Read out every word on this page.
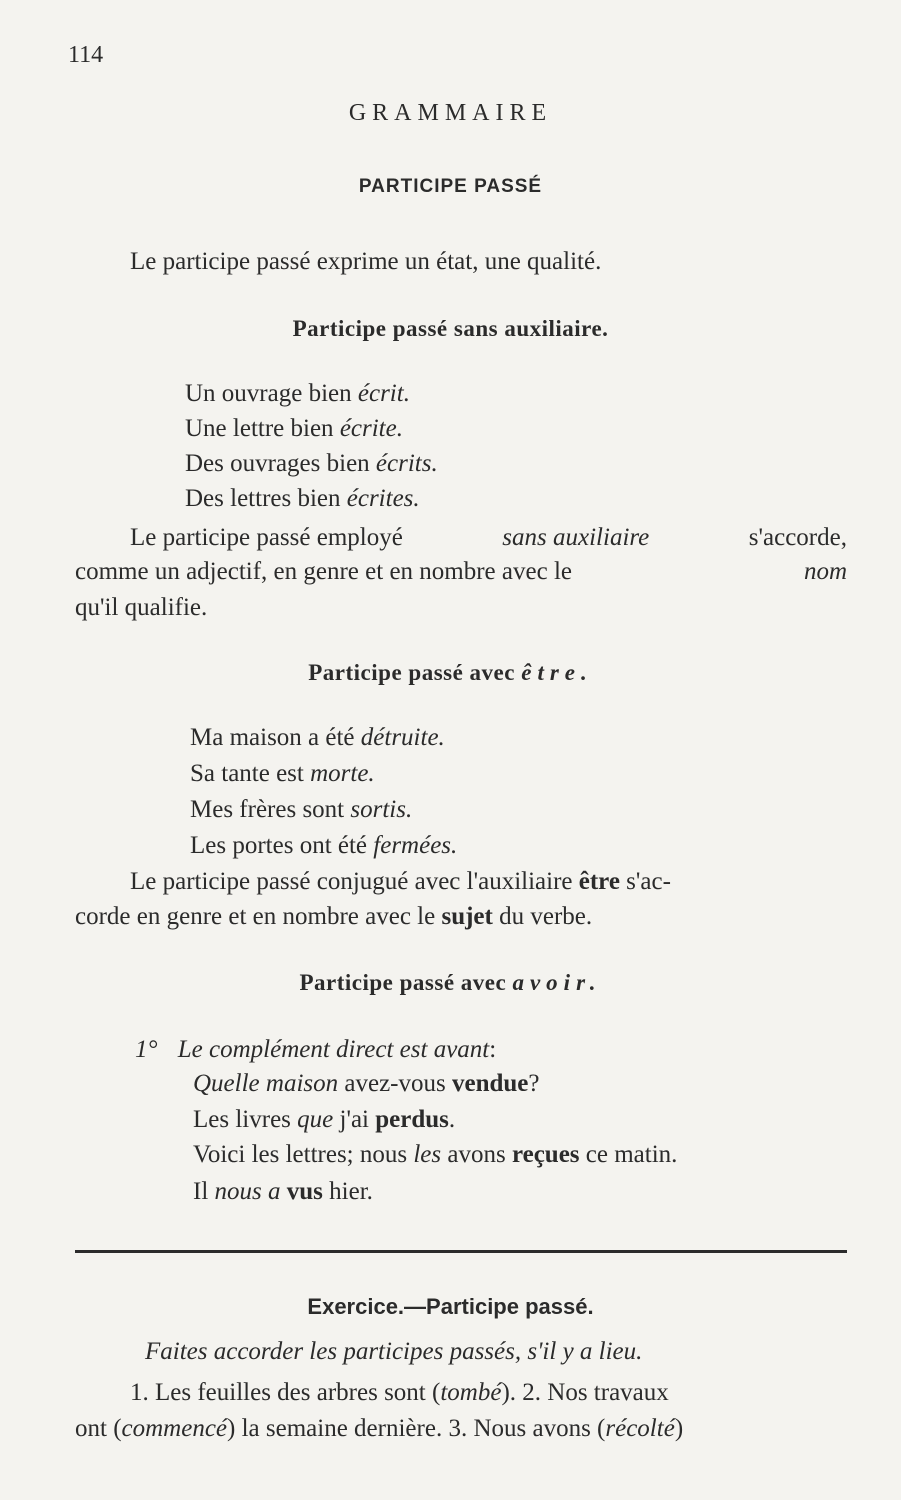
114
GRAMMAIRE
PARTICIPE PASSÉ
Le participe passé exprime un état, une qualité.
Participe passé sans auxiliaire.
Un ouvrage bien écrit.
Une lettre bien écrite.
Des ouvrages bien écrits.
Des lettres bien écrites.
Le participe passé employé	sans auxiliaire	s'accorde,
comme un adjectif, en genre et en nombre avec le	nom
qu'il qualifie.
Participe passé avec être.
Ma maison a été détruite.
Sa tante est morte.
Mes frères sont sortis.
Les portes ont été fermées.
Le participe passé conjugué avec l'auxiliaire être s'ac-
corde en genre et en nombre avec le sujet du verbe.
Participe passé avec avoir.
1° Le complément direct est avant:
Quelle maison avez-vous vendue?
Les livres que j'ai perdus.
Voici les lettres; nous les avons reçues ce matin.
Il nous a vus hier.
Exercice.—Participe passé.
Faites accorder les participes passés, s'il y a lieu.
1. Les feuilles des arbres sont (tombé). 2. Nos travaux
ont (commencé) la semaine dernière. 3. Nous avons (récolté)
